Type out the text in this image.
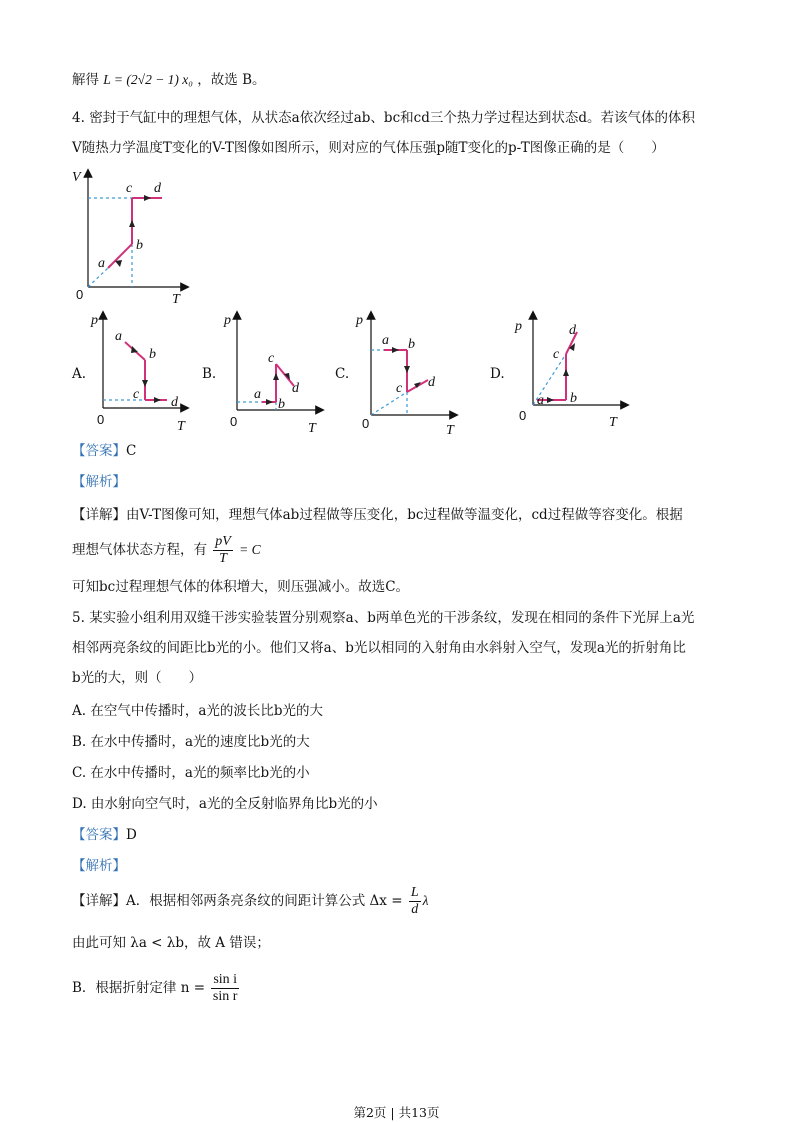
解得 L = (2√2 − 1) x₀ ，故选 B。
4. 密封于气缸中的理想气体，从状态a依次经过ab、bc和cd三个热力学过程达到状态d。若该气体的体积
V随热力学温度T变化的V-T图像如图所示，则对应的气体压强p随T变化的p-T图像正确的是（　　）
V
T
0
a
b
c d
A.
p
T
0
a
b
c
d
B.
p
T
0
a
b
c
d
C.
p
T
0
a b
c d
D.
p
T
0
a b
c
d
【答案】C
【解析】
【详解】由V-T图像可知，理想气体ab过程做等压变化，bc过程做等温变化，cd过程做等容变化。根据
理想气体状态方程，有 $\frac{pV}{T} = C$
可知bc过程理想气体的体积增大，则压强减小。故选C。
5. 某实验小组利用双缝干涉实验装置分别观察a、b两单色光的干涉条纹，发现在相同的条件下光屏上a光
相邻两亮条纹的间距比b光的小。他们又将a、b光以相同的入射角由水斜射入空气，发现a光的折射角比
b光的大，则（　　）
A. 在空气中传播时，a光的波长比b光的大
B. 在水中传播时，a光的速度比b光的大
C. 在水中传播时，a光的频率比b光的小
D. 由水射向空气时，a光的全反射临界角比b光的小
【答案】D
【解析】
【详解】A．根据相邻两条亮条纹的间距计算公式 $\Delta x = \frac{L}{d}$ λ
由此可知 λa < λb，故 A 错误；
B．根据折射定律 $n = \frac{\text{sin i}}{\text{sin r}}$
第2页 | 共13页
